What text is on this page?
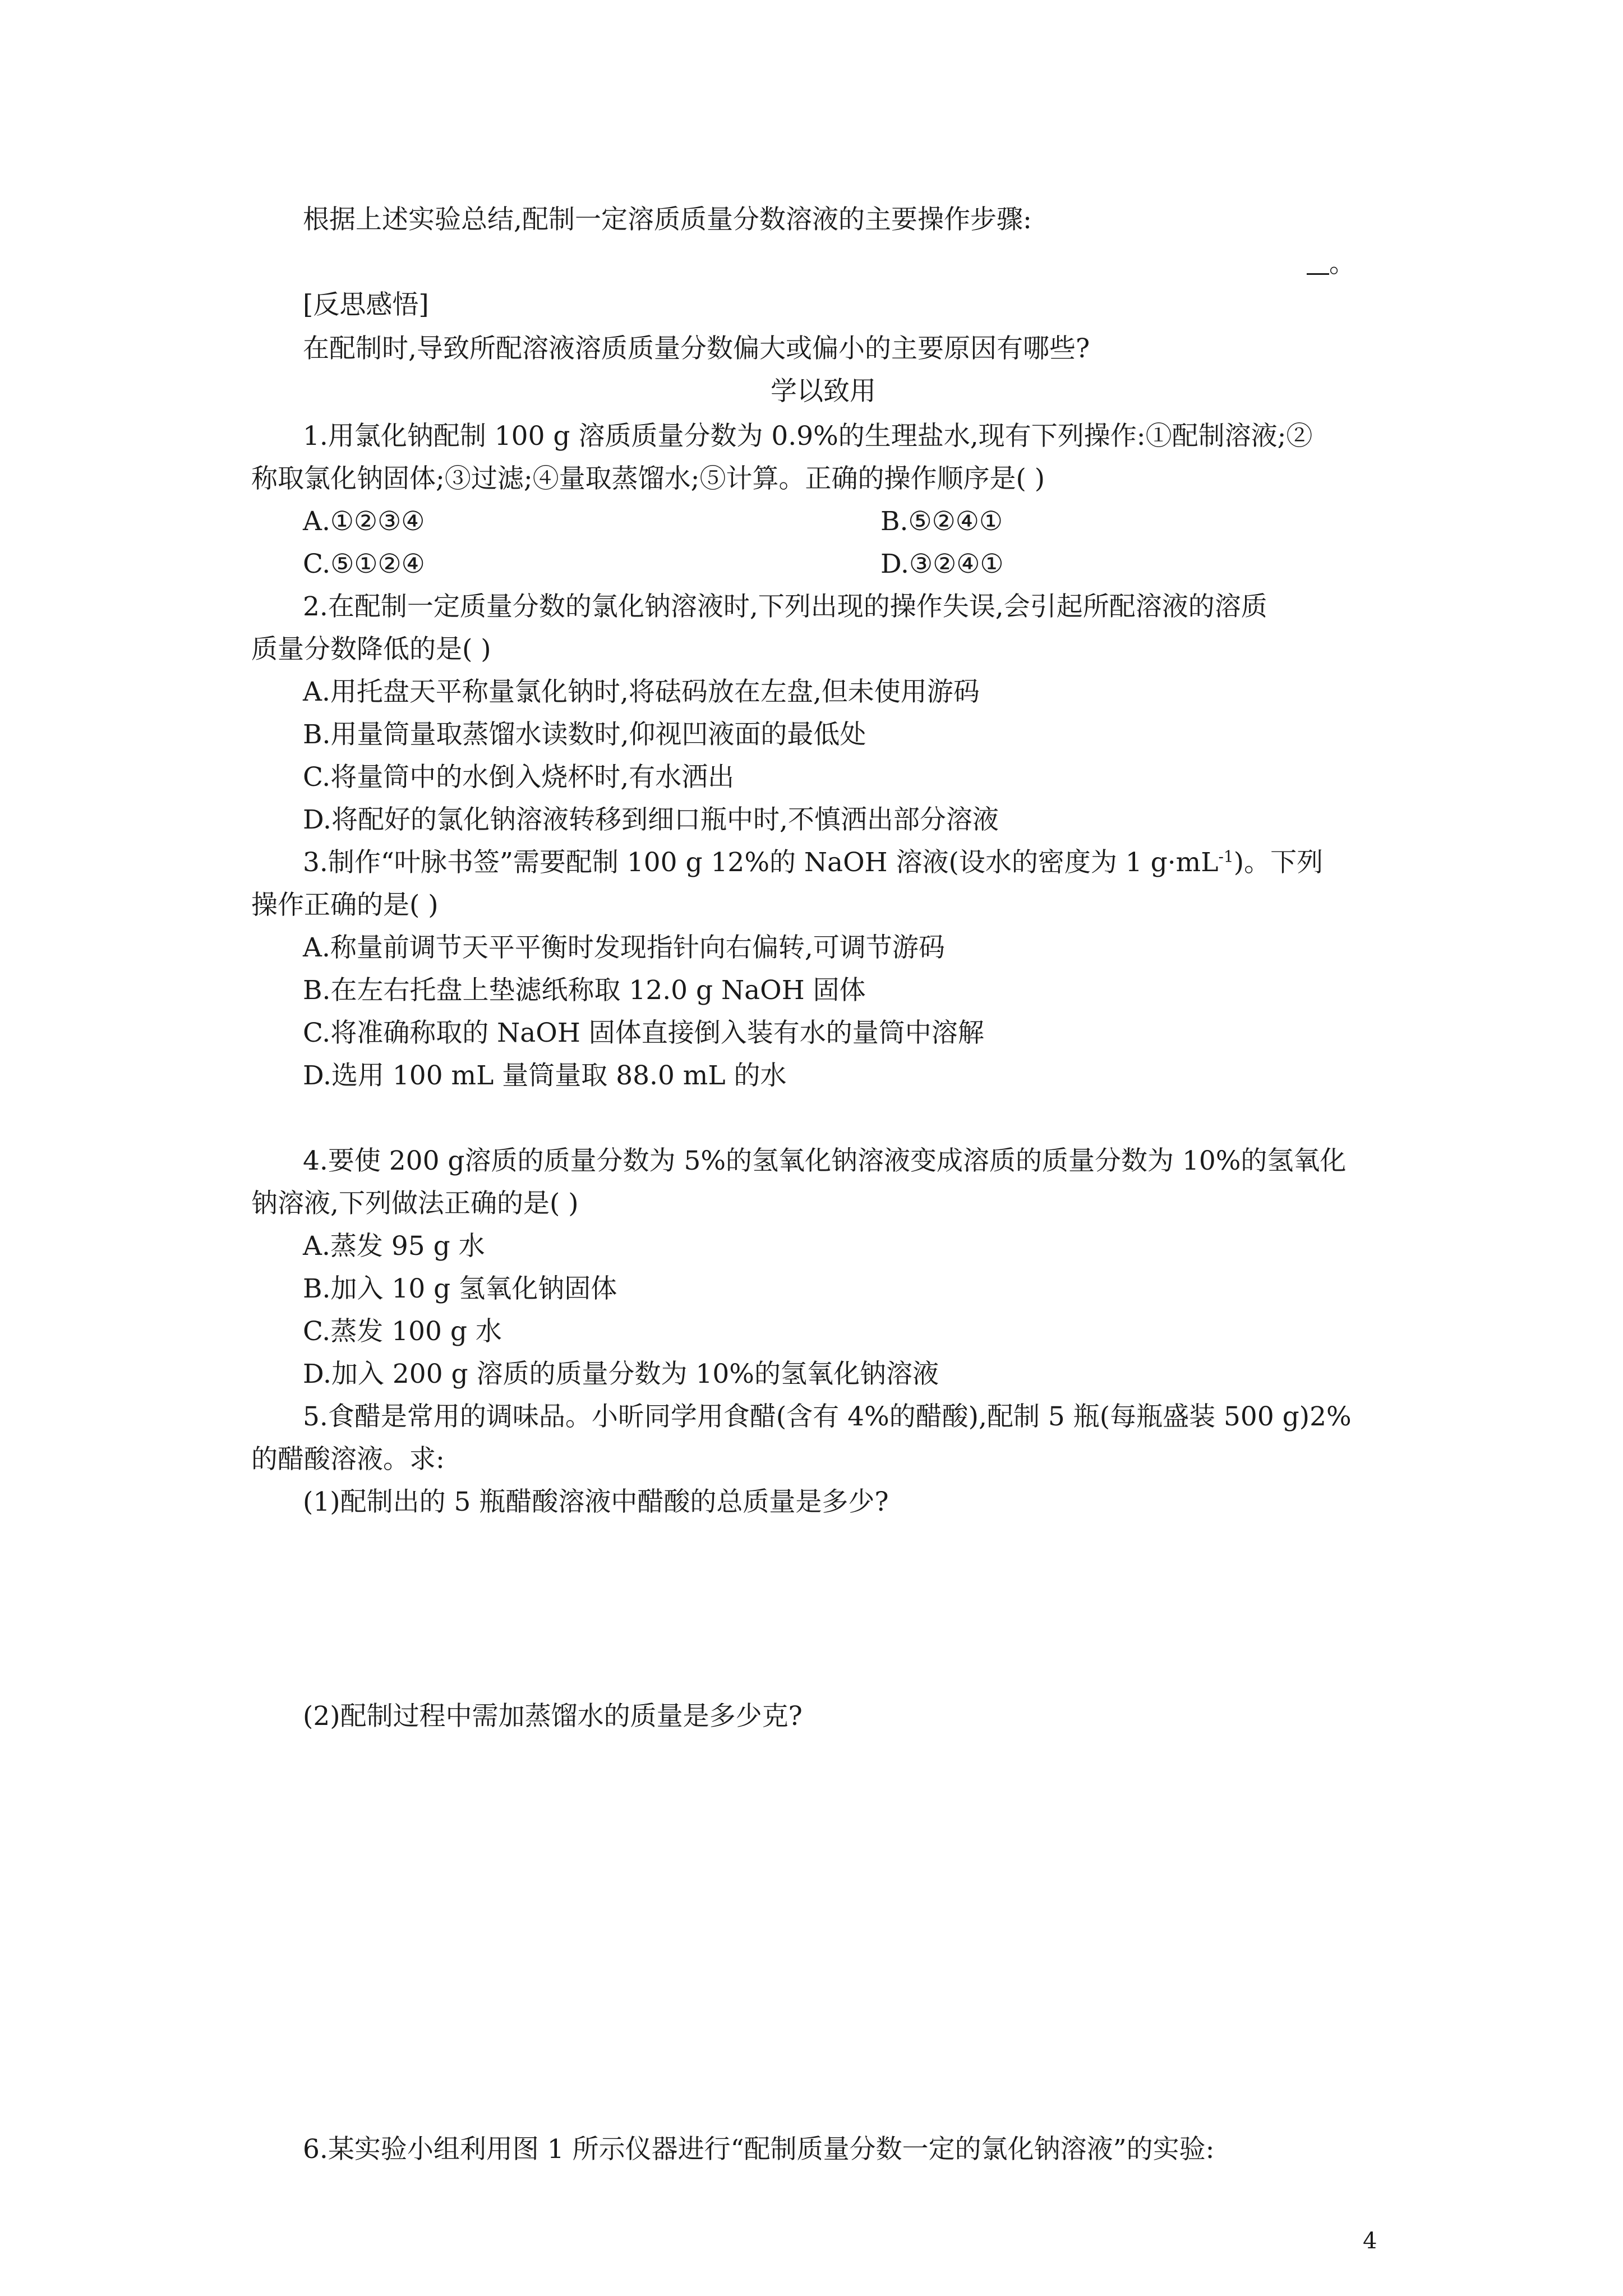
根据上述实验总结,配制一定溶质质量分数溶液的主要操作步骤:
。
[反思感悟]
在配制时,导致所配溶液溶质质量分数偏大或偏小的主要原因有哪些?
学以致用
1.用氯化钠配制 100 g 溶质质量分数为 0.9%的生理盐水,现有下列操作:①配制溶液;②
称取氯化钠固体;③过滤;④量取蒸馏水;⑤计算。正确的操作顺序是( )
A.①②③④	B.⑤②④①
C.⑤①②④	D.③②④①
2.在配制一定质量分数的氯化钠溶液时,下列出现的操作失误,会引起所配溶液的溶质
质量分数降低的是( )
A.用托盘天平称量氯化钠时,将砝码放在左盘,但未使用游码
B.用量筒量取蒸馏水读数时,仰视凹液面的最低处
C.将量筒中的水倒入烧杯时,有水洒出
D.将配好的氯化钠溶液转移到细口瓶中时,不慎洒出部分溶液
3.制作“叶脉书签”需要配制 100 g 12%的 NaOH 溶液(设水的密度为 1 $g\cdot mL^{-1}$)。下列
操作正确的是( )
A.称量前调节天平平衡时发现指针向右偏转,可调节游码
B.在左右托盘上垫滤纸称取 12.0 g NaOH 固体
C.将准确称取的 NaOH 固体直接倒入装有水的量筒中溶解
D.选用 100 mL 量筒量取 88.0 mL 的水
4.要使 200 g溶质的质量分数为 5%的氢氧化钠溶液变成溶质的质量分数为 10%的氢氧化
钠溶液,下列做法正确的是( )
A.蒸发 95 g 水
B.加入 10 g 氢氧化钠固体
C.蒸发 100 g 水
D.加入 200 g 溶质的质量分数为 10%的氢氧化钠溶液
5.食醋是常用的调味品。小昕同学用食醋(含有 4%的醋酸),配制 5 瓶(每瓶盛装 500 g)2%
的醋酸溶液。求:
(1)配制出的 5 瓶醋酸溶液中醋酸的总质量是多少?
(2)配制过程中需加蒸馏水的质量是多少克?
6.某实验小组利用图 1 所示仪器进行“配制质量分数一定的氯化钠溶液”的实验:
4
